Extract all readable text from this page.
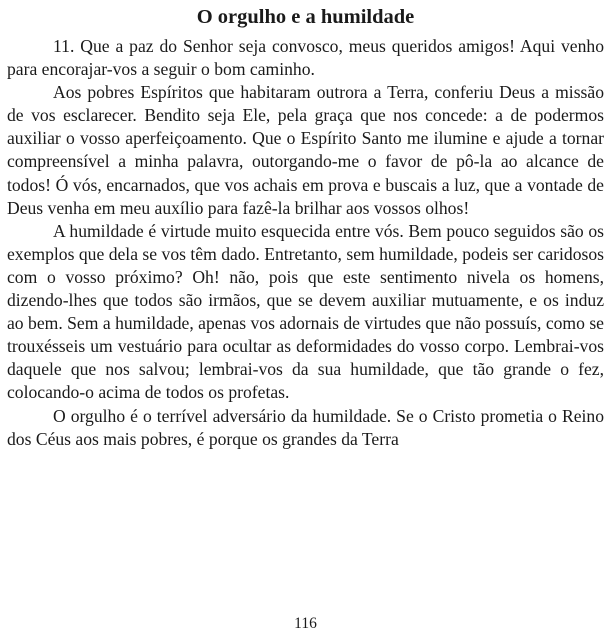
O orgulho e a humildade

11. Que a paz do Senhor seja convosco, meus queridos amigos! Aqui venho para encorajar-vos a seguir o bom caminho.

Aos pobres Espíritos que habitaram outrora a Terra, conferiu Deus a missão de vos esclarecer. Bendito seja Ele, pela graça que nos concede: a de podermos auxiliar o vosso aperfeiçoamento. Que o Espírito Santo me ilumine e ajude a tornar compreensível a minha palavra, outorgando-me o favor de pô-la ao alcance de todos! Ó vós, encarnados, que vos achais em prova e buscais a luz, que a vontade de Deus venha em meu auxílio para fazê-la brilhar aos vossos olhos!

A humildade é virtude muito esquecida entre vós. Bem pouco seguidos são os exemplos que dela se vos têm dado. Entretanto, sem humildade, podeis ser caridosos com o vosso próximo? Oh! não, pois que este sentimento nivela os homens, dizendo-lhes que todos são irmãos, que se devem auxiliar mutuamente, e os induz ao bem. Sem a humildade, apenas vos adornais de virtudes que não possuís, como se trouxésseis um vestuário para ocultar as deformidades do vosso corpo. Lembrai-vos daquele que nos salvou; lembrai-vos da sua humildade, que tão grande o fez, colocando-o acima de todos os profetas.

O orgulho é o terrível adversário da humildade. Se o Cristo prometia o Reino dos Céus aos mais pobres, é porque os grandes da Terra

116
